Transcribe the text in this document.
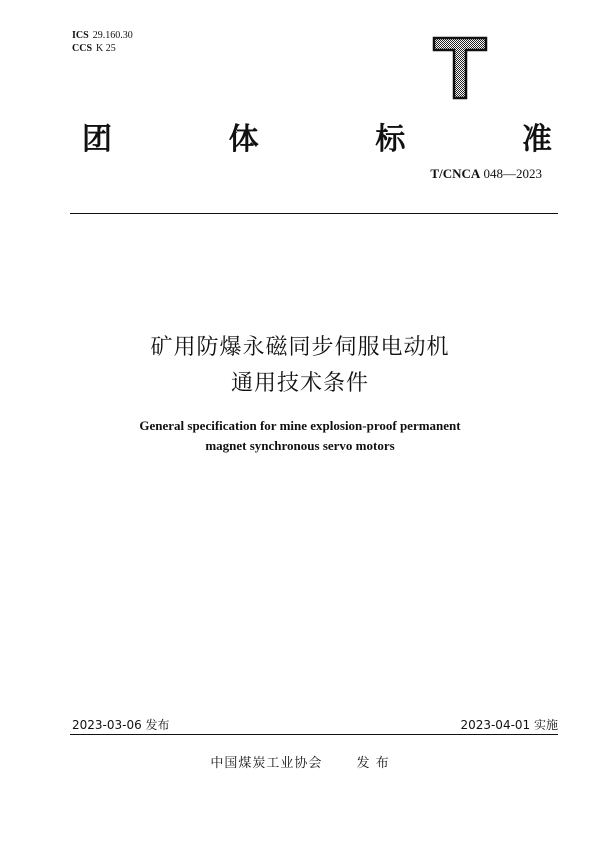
ICS 29.160.30
CCS K 25
团	体	标	准
T/CNCA 048—2023
矿用防爆永磁同步伺服电动机
通用技术条件
General specification for mine explosion-proof permanent
magnet synchronous servo motors
2023-03-06 发布	2023-04-01 实施
中国煤炭工业协会	发 布
